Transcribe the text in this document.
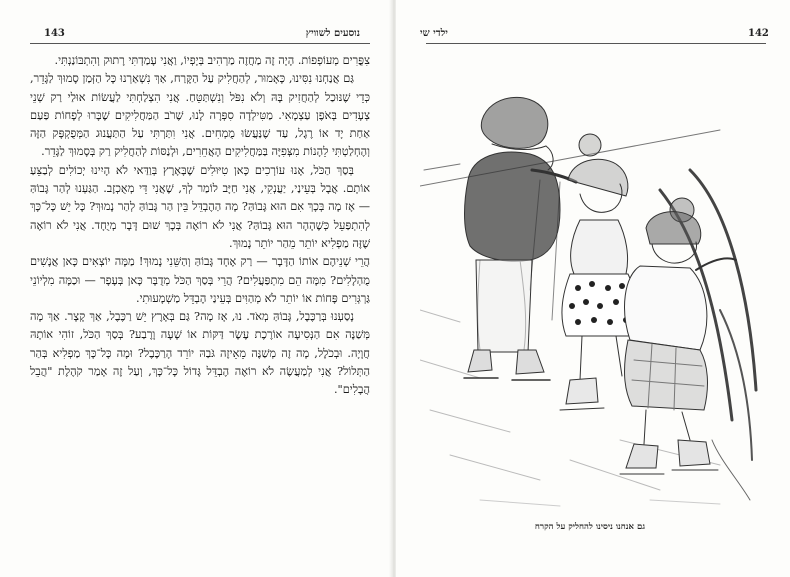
143	נוסעים לשוויץ

צִפֳּרִים מְעוֹפְפוֹת. הָיָה זֶה מַחֲזֶה מַרְהִיב בְּיָפְיוֹ, וַאֲנִי עָמַדְתִּי רָתוּק וְהִתְבּוֹנַנְתִּי.

גַּם אֲנַחְנוּ נִסִּינוּ, כָּאָמוּר, לְהַחֲלִיק עַל הַקֶּרַח, אַךְ נִשְׁאַרְנוּ כָּל הַזְּמַן סָמוּךְ לַגָּדֵר, כְּדֵי שֶׁנּוּכַל לְהַחֲזִיק בָּהּ וְלֹא נִפֹּל וְנִשְׁתַּטֵּחַ. אֲנִי הִצְלַחְתִּי לַעֲשׂוֹת אוּלַי רַק שְׁנֵי צְעָדִים בְּאֹפֶן עַצְמָאִי. מַטִּילְדָה סִפְּרָה לָנוּ, שֶׁרֹב הַמַּחֲלִיקִים שֶׁבָּרוּ לְפָחוֹת פַּעַם אַחַת יָד אוֹ רֶגֶל, עַד שֶׁנַּעֲשׂוּ מֻמְחִים. אֲנִי וִתַּרְתִּי עַל הַתַּעֲנוּג הַמְּפֻקְפָּק הַזֶּה וְהֶחְלַטְתִּי לֵהָנוֹת מִצְּפִיָּה בַּמַּחֲלִיקִים הָאֲחֵרִים, וּלְנַסּוֹת לְהַחֲלִיק רַק בְּסָמוּךְ לַגָּדֵר.

בְּסַךְ הַכֹּל, אָנוּ עוֹרְכִים כָּאן טִיּוּלִים שֶׁבָּאָרֶץ בְּוַדַּאי לֹא הָיִינוּ יְכוֹלִים לְבַצֵּעַ אוֹתָם. אֲבָל בְּעֵינַי, יַעֲנְקִי, אֲנִי חַיָּב לוֹמַר לְךָ, שֶׁאֲנִי דֵּי מְאֻכְזָב. הַגַּעְנוּ לְהַר גָּבוֹהַּ — אָז מָה בְּכָךְ אִם הוּא גָּבוֹהַּ? מָה הַהֶבְדֵּל בֵּין הַר גָּבוֹהַּ לְהַר נָמוּךְ? כָּל יֵשׁ כָּל־כָּךְ לְהִתְפַּעֵל כְּשֶׁהָהָר הוּא גָּבוֹהַּ? אֲנִי לֹא רוֹאֶה בְּכָךְ שׁוּם דָּבָר מְיֻחָד. אֲנִי לֹא רוֹאֶה שֶׁזֶּה מַפְלִיא יוֹתֵר מֵהַר יוֹתֵר נָמוּךְ.

הֲרֵי שְׁנֵיהֶם אוֹתוֹ הַדָּבָר — רַק אֶחָד גָּבוֹהַּ וְהַשֵּׁנִי נָמוּךְ! מַמָּה יוֹצְאִים כָּאן אֲנָשִׁים מֻהְלָלִים? מִמָּה הֵם מִתְפַּעֲלִים? הֲרֵי בְּסַךְ הַכֹּל מְדֻבָּר כָּאן בְּעָפָר — וּכַמָּה מִלְיוֹנֵי גַּרְגְּרִים פָּחוֹת אוֹ יוֹתֵר לֹא מְהַוִּים בְּעֵינַי הֶבְדֵּל מַשְׁמָעוּתִי.

נָסַעְנוּ בְּרַכֶּבֶל, גָּבוֹהַּ מְאֹד. נוּ, אָז מָה? גַּם בְּאָרֶץ יֵשׁ רַכֶּבֶל, אַךְ קָצָר. אַךְ מָה מְּשַׁנֶּה אִם הַנְּסִיעָה אוֹרֶכֶת עֶשֶׂר דַּקּוֹת אוֹ שָׁעָה וָרֶבַע? בְּסַךְ הַכֹּל, זוֹהִי אוֹתָהּ חֲוָיָה. וּבְכֹלֶל, מָה זֶה מְשַׁנֶּה מֵאֵיזֶה גֹּבַהּ יוֹרֵד הָרַכֶּבֶל? וּמָה כָּל־כָּךְ מַפְלִיא בְּהַר הַתְּלוֹל? אֲנִי לְמַעֲשֶׂה לֹא רוֹאֶה הֶבְדֵּל גָּדוֹל כָּל־כָּךְ, וְעַל זֶה אָמַר קֹהֶלֶת "הֲבֵל הֲבָלִים".

142
ילדי שי
גם אנחנו ניסינו להחליק על הקרח
